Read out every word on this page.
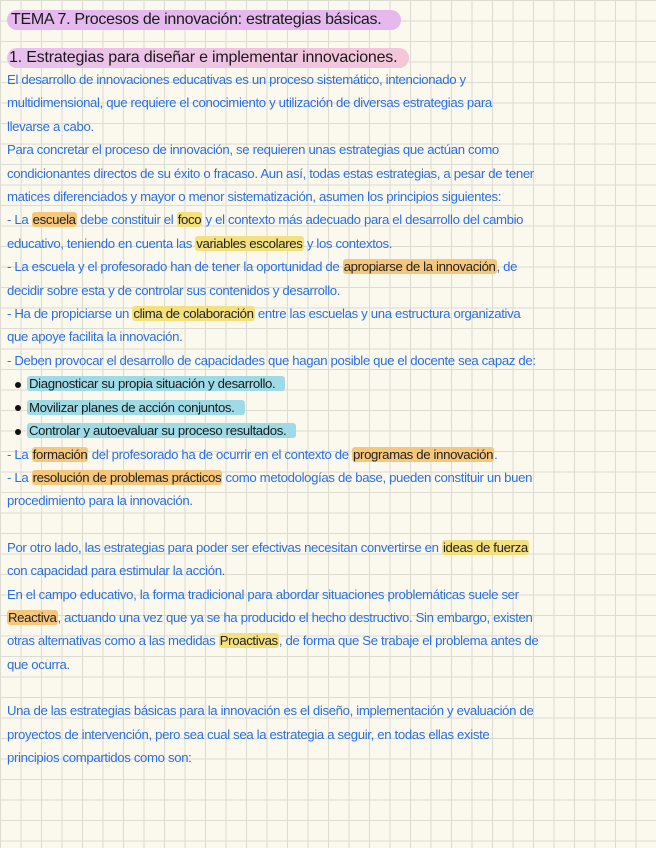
TEMA 7. Procesos de innovación: estrategias básicas.
1. Estrategias para diseñar e implementar innovaciones.
El desarrollo de innovaciones educativas es un proceso sistemático, intencionado y
multidimensional, que requiere el conocimiento y utilización de diversas estrategias para
llevarse a cabo.
Para concretar el proceso de innovación, se requieren unas estrategias que actúan como
condicionantes directos de su éxito o fracaso. Aun así, todas estas estrategias, a pesar de tener
matices diferenciados y mayor o menor sistematización, asumen los principios siguientes:
- La escuela debe constituir el foco y el contexto más adecuado para el desarrollo del cambio
educativo, teniendo en cuenta las variables escolares y los contextos.
- La escuela y el profesorado han de tener la oportunidad de apropiarse de la innovación, de
decidir sobre esta y de controlar sus contenidos y desarrollo.
- Ha de propiciarse un clima de colaboración entre las escuelas y una estructura organizativa
que apoye facilita la innovación.
- Deben provocar el desarrollo de capacidades que hagan posible que el docente sea capaz de:
Diagnosticar su propia situación y desarrollo.
Movilizar planes de acción conjuntos.
Controlar y autoevaluar su proceso resultados.
- La formación del profesorado ha de ocurrir en el contexto de programas de innovación.
- La resolución de problemas prácticos como metodologías de base, pueden constituir un buen
procedimiento para la innovación.
Por otro lado, las estrategias para poder ser efectivas necesitan convertirse en ideas de fuerza
con capacidad para estimular la acción.
En el campo educativo, la forma tradicional para abordar situaciones problemáticas suele ser
Reactiva, actuando una vez que ya se ha producido el hecho destructivo. Sin embargo, existen
otras alternativas como a las medidas Proactivas, de forma que Se trabaje el problema antes de
que ocurra.
Una de las estrategias básicas para la innovación es el diseño, implementación y evaluación de
proyectos de intervención, pero sea cual sea la estrategia a seguir, en todas ellas existe
principios compartidos como son:
